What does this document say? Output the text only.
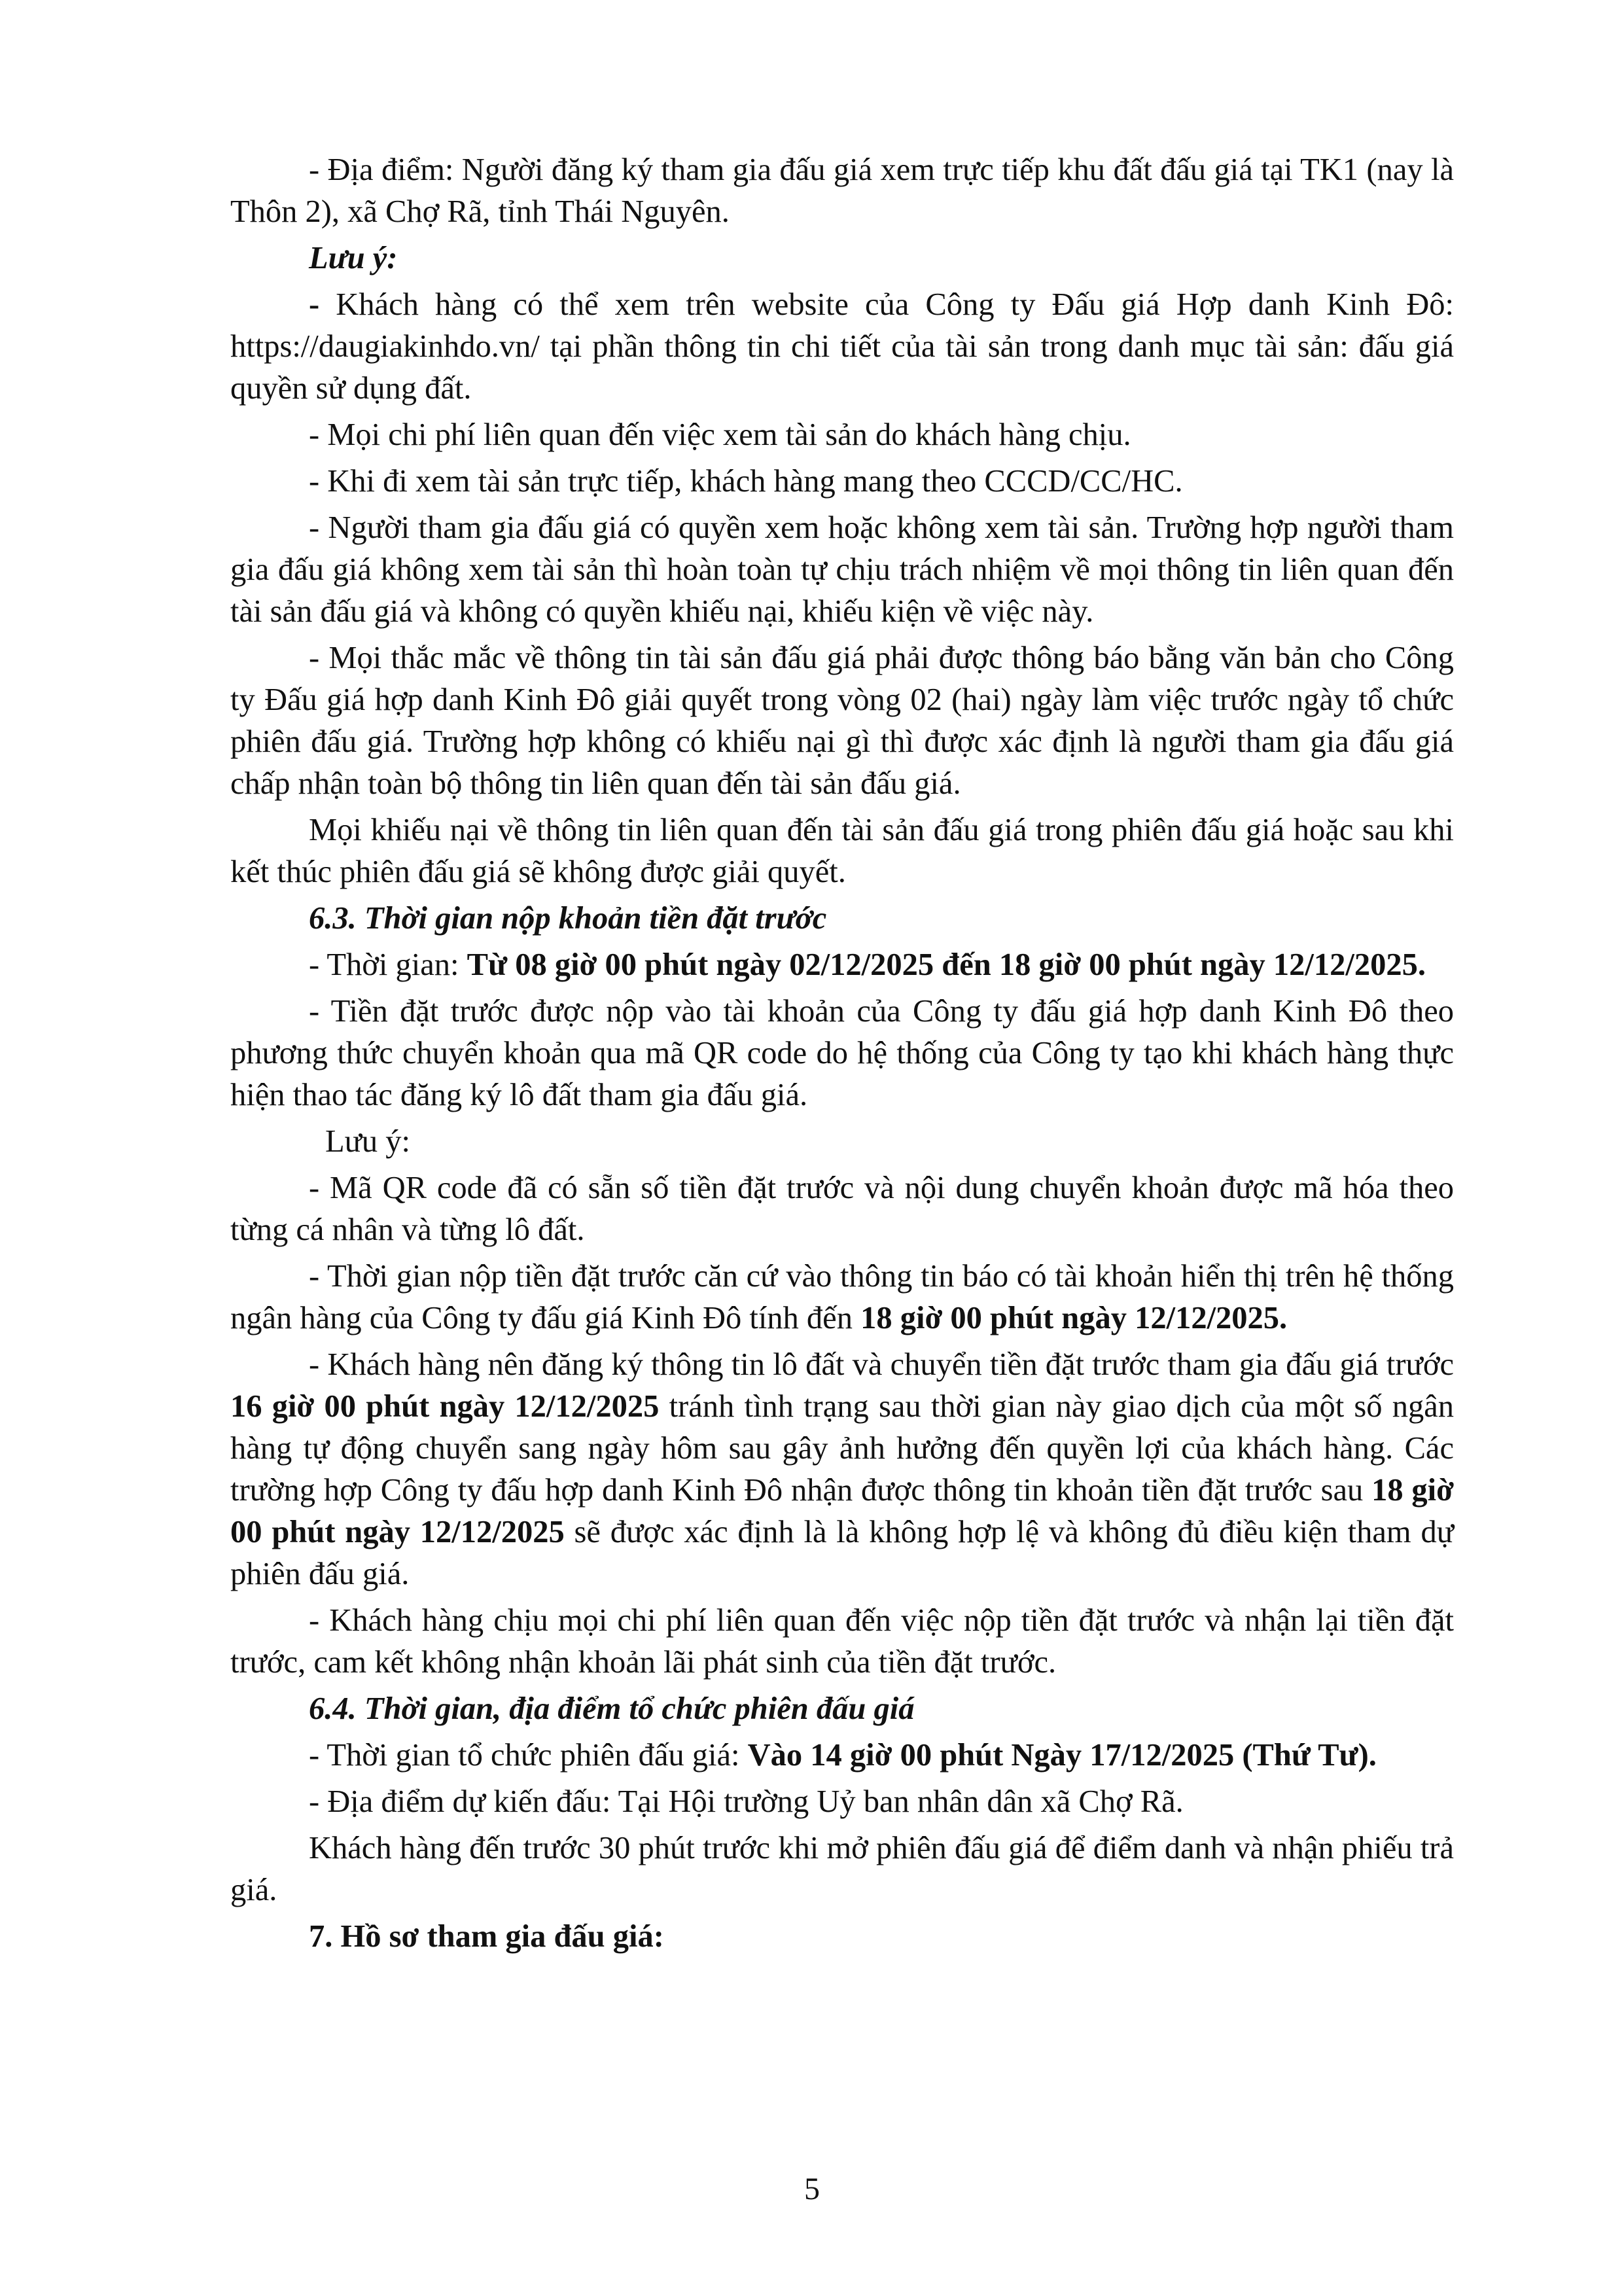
- Địa điểm: Người đăng ký tham gia đấu giá xem trực tiếp khu đất đấu giá tại TK1 (nay là Thôn 2), xã Chợ Rã, tỉnh Thái Nguyên.

Lưu ý:

- Khách hàng có thể xem trên website của Công ty Đấu giá Hợp danh Kinh Đô: https://daugiakinhdo.vn/ tại phần thông tin chi tiết của tài sản trong danh mục tài sản: đấu giá quyền sử dụng đất.

- Mọi chi phí liên quan đến việc xem tài sản do khách hàng chịu.

- Khi đi xem tài sản trực tiếp, khách hàng mang theo CCCD/CC/HC.

- Người tham gia đấu giá có quyền xem hoặc không xem tài sản. Trường hợp người tham gia đấu giá không xem tài sản thì hoàn toàn tự chịu trách nhiệm về mọi thông tin liên quan đến tài sản đấu giá và không có quyền khiếu nại, khiếu kiện về việc này.

- Mọi thắc mắc về thông tin tài sản đấu giá phải được thông báo bằng văn bản cho Công ty Đấu giá hợp danh Kinh Đô giải quyết trong vòng 02 (hai) ngày làm việc trước ngày tổ chức phiên đấu giá. Trường hợp không có khiếu nại gì thì được xác định là người tham gia đấu giá chấp nhận toàn bộ thông tin liên quan đến tài sản đấu giá.

Mọi khiếu nại về thông tin liên quan đến tài sản đấu giá trong phiên đấu giá hoặc sau khi kết thúc phiên đấu giá sẽ không được giải quyết.

6.3. Thời gian nộp khoản tiền đặt trước

- Thời gian: Từ 08 giờ 00 phút ngày 02/12/2025 đến 18 giờ 00 phút ngày 12/12/2025.

- Tiền đặt trước được nộp vào tài khoản của Công ty đấu giá hợp danh Kinh Đô theo phương thức chuyển khoản qua mã QR code do hệ thống của Công ty tạo khi khách hàng thực hiện thao tác đăng ký lô đất tham gia đấu giá.

Lưu ý:

- Mã QR code đã có sẵn số tiền đặt trước và nội dung chuyển khoản được mã hóa theo từng cá nhân và từng lô đất.

- Thời gian nộp tiền đặt trước căn cứ vào thông tin báo có tài khoản hiển thị trên hệ thống ngân hàng của Công ty đấu giá Kinh Đô tính đến 18 giờ 00 phút ngày 12/12/2025.

- Khách hàng nên đăng ký thông tin lô đất và chuyển tiền đặt trước tham gia đấu giá trước 16 giờ 00 phút ngày 12/12/2025 tránh tình trạng sau thời gian này giao dịch của một số ngân hàng tự động chuyển sang ngày hôm sau gây ảnh hưởng đến quyền lợi của khách hàng. Các trường hợp Công ty đấu hợp danh Kinh Đô nhận được thông tin khoản tiền đặt trước sau 18 giờ 00 phút ngày 12/12/2025 sẽ được xác định là là không hợp lệ và không đủ điều kiện tham dự phiên đấu giá.

- Khách hàng chịu mọi chi phí liên quan đến việc nộp tiền đặt trước và nhận lại tiền đặt trước, cam kết không nhận khoản lãi phát sinh của tiền đặt trước.

6.4. Thời gian, địa điểm tổ chức phiên đấu giá

- Thời gian tổ chức phiên đấu giá: Vào 14 giờ 00 phút Ngày 17/12/2025 (Thứ Tư).

- Địa điểm dự kiến đấu: Tại Hội trường Uỷ ban nhân dân xã Chợ Rã.

Khách hàng đến trước 30 phút trước khi mở phiên đấu giá để điểm danh và nhận phiếu trả giá.

7. Hồ sơ tham gia đấu giá:

5
